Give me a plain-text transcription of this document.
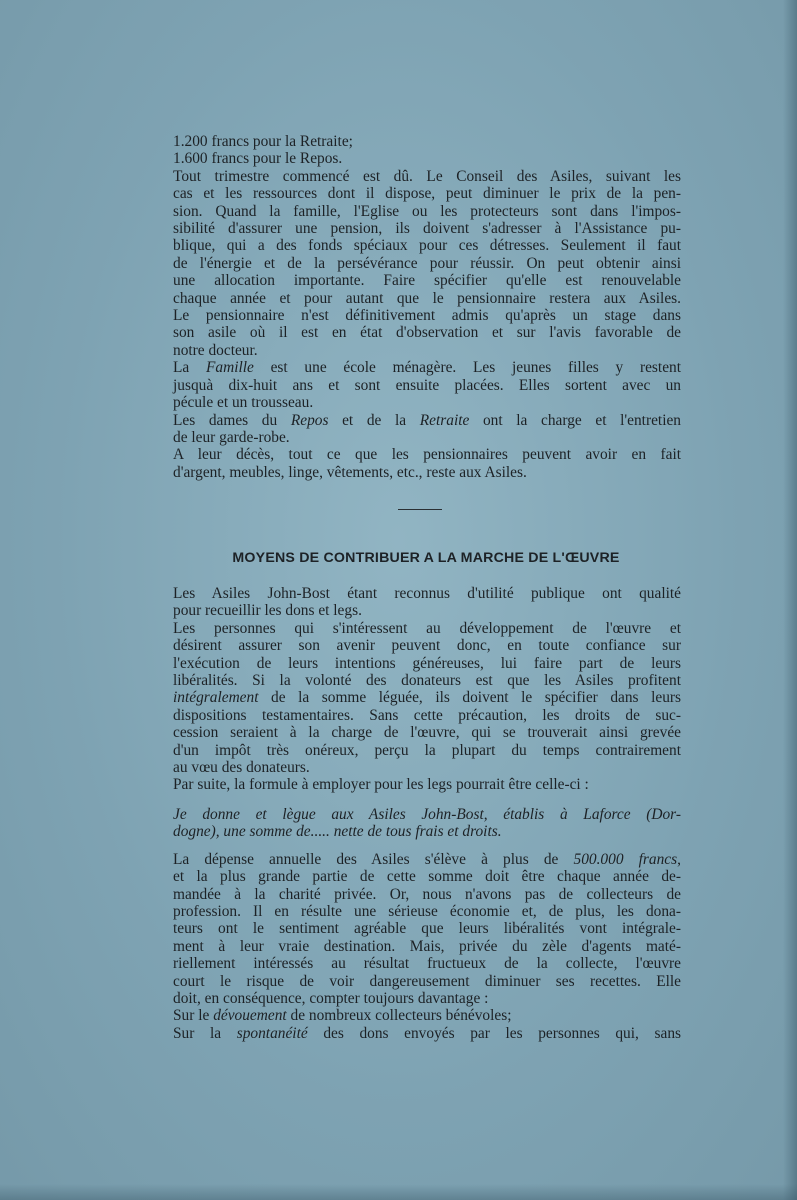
1.200 francs pour la Retraite;
1.600 francs pour le Repos.
Tout trimestre commencé est dû. Le Conseil des Asiles, suivant les
cas et les ressources dont il dispose, peut diminuer le prix de la pen-
sion. Quand la famille, l'Eglise ou les protecteurs sont dans l'impos-
sibilité d'assurer une pension, ils doivent s'adresser à l'Assistance pu-
blique, qui a des fonds spéciaux pour ces détresses. Seulement il faut
de l'énergie et de la persévérance pour réussir. On peut obtenir ainsi
une allocation importante. Faire spécifier qu'elle est renouvelable
chaque année et pour autant que le pensionnaire restera aux Asiles.
Le pensionnaire n'est définitivement admis qu'après un stage dans
son asile où il est en état d'observation et sur l'avis favorable de
notre docteur.
La Famille est une école ménagère. Les jeunes filles y restent
jusquà dix-huit ans et sont ensuite placées. Elles sortent avec un
pécule et un trousseau.
Les dames du Repos et de la Retraite ont la charge et l'entretien
de leur garde-robe.
A leur décès, tout ce que les pensionnaires peuvent avoir en fait
d'argent, meubles, linge, vêtements, etc., reste aux Asiles.
MOYENS DE CONTRIBUER A LA MARCHE DE L'ŒUVRE
Les Asiles John-Bost étant reconnus d'utilité publique ont qualité
pour recueillir les dons et legs.
Les personnes qui s'intéressent au développement de l'œuvre et
désirent assurer son avenir peuvent donc, en toute confiance sur
l'exécution de leurs intentions généreuses, lui faire part de leurs
libéralités. Si la volonté des donateurs est que les Asiles profitent
intégralement de la somme léguée, ils doivent le spécifier dans leurs
dispositions testamentaires. Sans cette précaution, les droits de suc-
cession seraient à la charge de l'œuvre, qui se trouverait ainsi grevée
d'un impôt très onéreux, perçu la plupart du temps contrairement
au vœu des donateurs.
Par suite, la formule à employer pour les legs pourrait être celle-ci :
Je donne et lègue aux Asiles John-Bost, établis à Laforce (Dor-
dogne), une somme de..... nette de tous frais et droits.
La dépense annuelle des Asiles s'élève à plus de 500.000 francs,
et la plus grande partie de cette somme doit être chaque année de-
mandée à la charité privée. Or, nous n'avons pas de collecteurs de
profession. Il en résulte une sérieuse économie et, de plus, les dona-
teurs ont le sentiment agréable que leurs libéralités vont intégrale-
ment à leur vraie destination. Mais, privée du zèle d'agents maté-
riellement intéressés au résultat fructueux de la collecte, l'œuvre
court le risque de voir dangereusement diminuer ses recettes. Elle
doit, en conséquence, compter toujours davantage :
Sur le dévouement de nombreux collecteurs bénévoles;
Sur la spontanéité des dons envoyés par les personnes qui, sans
